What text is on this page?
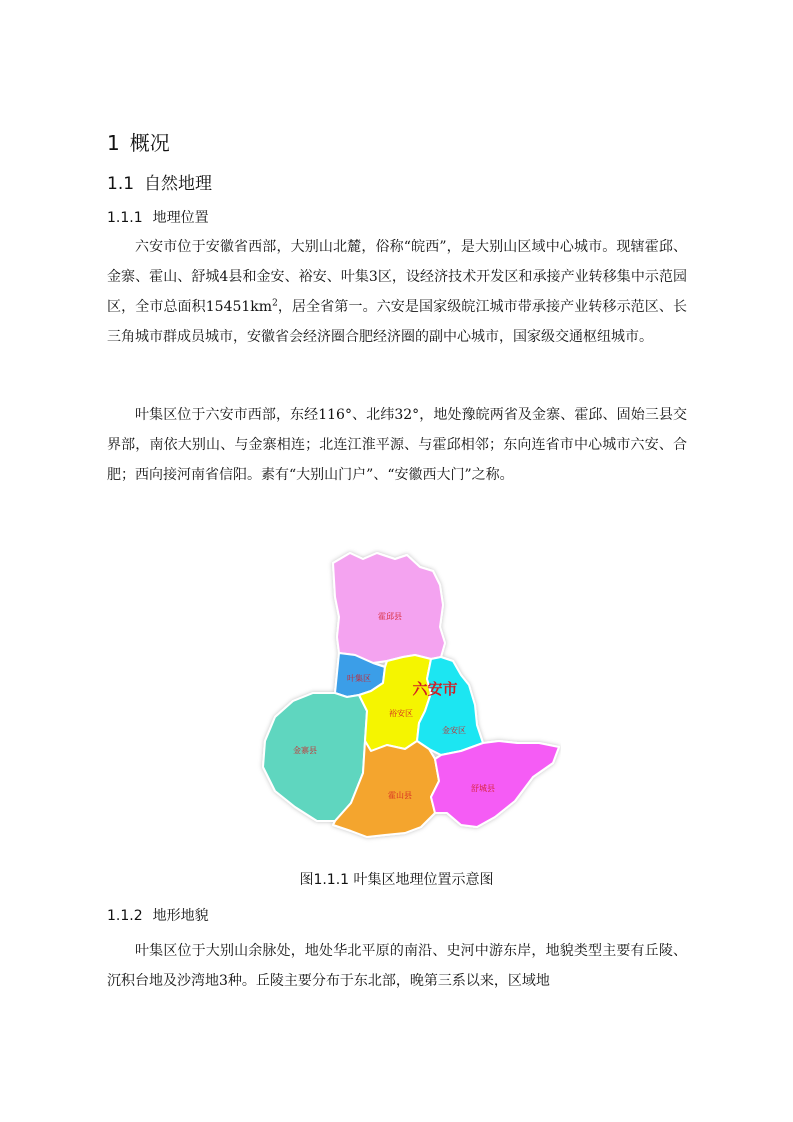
1 概况
1.1 自然地理
1.1.1 地理位置

六安市位于安徽省西部，大别山北麓，俗称“皖西”，是大别山区域中心城市。现辖霍邱、金寨、霍山、舒城4县和金安、裕安、叶集3区，设经济技术开发区和承接产业转移集中示范园区，全市总面积$15451km^2$，居全省第一。六安是国家级皖江城市带承接产业转移示范区、长三角城市群成员城市，安徽省会经济圈合肥经济圈的副中心城市，国家级交通枢纽城市。

叶集区位于六安市西部，东经116°、北纬32°，地处豫皖两省及金寨、霍邱、固始三县交界部，南依大别山、与金寨相连；北连江淮平源、与霍邱相邻；东向连省市中心城市六安、合肥；西向接河南省信阳。素有“大别山门户”、“安徽西大门”之称。

霍邱县
叶集区
裕安区
金安区
金寨县
霍山县
舒城县
六安市
图1.1.1 叶集区地理位置示意图
1.1.2 地形地貌

叶集区位于大别山余脉处，地处华北平原的南沿、史河中游东岸，地貌类型主要有丘陵、沉积台地及沙湾地3种。丘陵主要分布于东北部，晚第三系以来，区域地
